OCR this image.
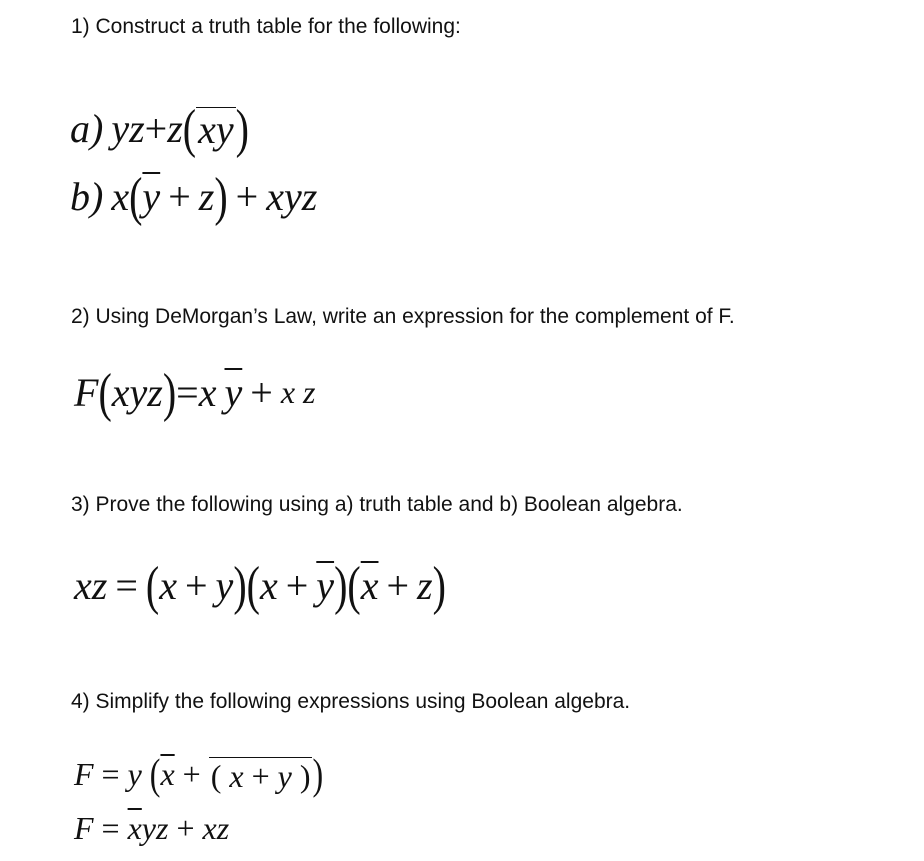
1) Construct a truth table for the following:
a) yz + z ( xy )
b) x ( $\overline{y} + z$ ) + xyz
2) Using DeMorgan’s Law, write an expression for the complement of F.
F ( xyz ) = x $\overline{y} + x$ z
3) Prove the following using a) truth table and b) Boolean algebra.
xz = ( x + y ) ( $x + \overline{y}$ ) ( $\overline{x} + z$ )
4) Simplify the following expressions using Boolean algebra.
F = y ( $\overline{x}$ + ( x + y ) )
$F = \overline{x}$ yz + xz
